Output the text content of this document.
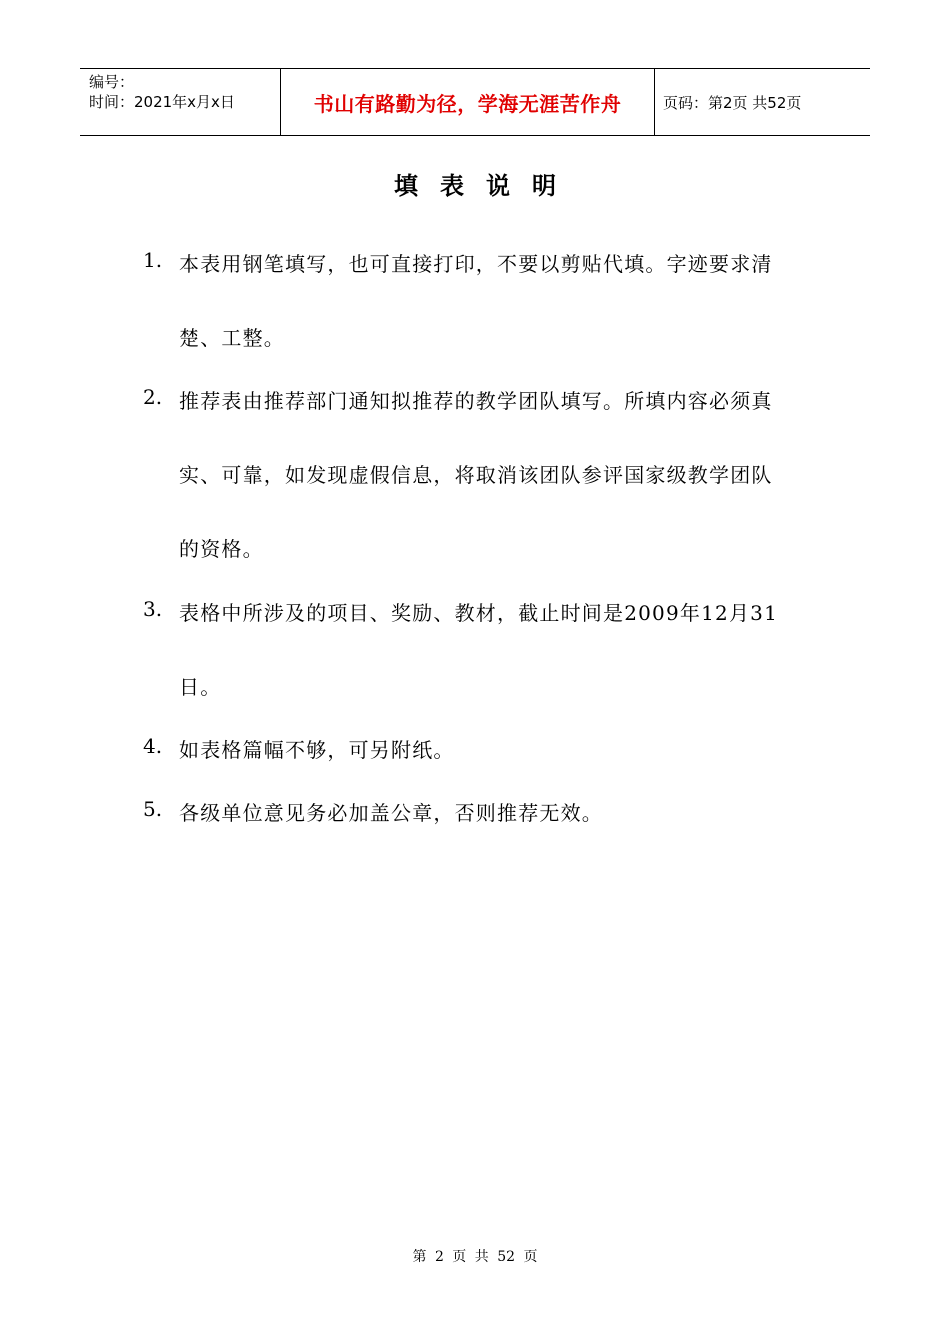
编号：
时间：2021年x月x日	书山有路勤为径，学海无涯苦作舟	页码：第2页 共52页
填表说明
1. 本表用钢笔填写，也可直接打印，不要以剪贴代填。字迹要求清
楚、工整。
2. 推荐表由推荐部门通知拟推荐的教学团队填写。所填内容必须真
实、可靠，如发现虚假信息，将取消该团队参评国家级教学团队
的资格。
3. 表格中所涉及的项目、奖励、教材，截止时间是2009年12月31
日。
4. 如表格篇幅不够，可另附纸。
5. 各级单位意见务必加盖公章，否则推荐无效。
第 2 页 共 52 页
